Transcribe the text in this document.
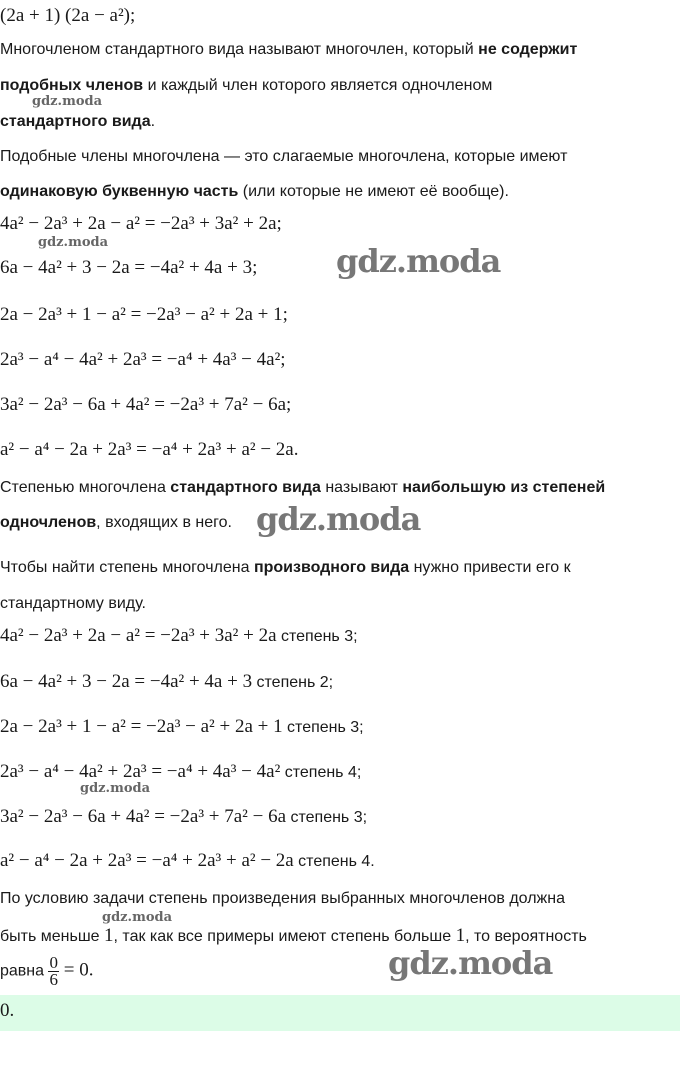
(2a + 1) (2a − a²);
Многочленом стандартного вида называют многочлен, который не содержит
подобных членов и каждый член которого является одночленом
gdz.moda
стандартного вида.
Подобные члены многочлена — это слагаемые многочлена, которые имеют
одинаковую буквенную часть (или которые не имеют её вообще).
4a² − 2a³ + 2a − a² = −2a³ + 3a² + 2a;
gdz.moda
6a − 4a² + 3 − 2a = −4a² + 4a + 3; gdz.moda
2a − 2a³ + 1 − a² = −2a³ − a² + 2a + 1;
2a³ − a⁴ − 4a² + 2a³ = −a⁴ + 4a³ − 4a²;
3a² − 2a³ − 6a + 4a² = −2a³ + 7a² − 6a;
a² − a⁴ − 2a + 2a³ = −a⁴ + 2a³ + a² − 2a.
Степенью многочлена стандартного вида называют наибольшую из степеней
одночленов, входящих в него. gdz.moda
Чтобы найти степень многочлена производного вида нужно привести его к
стандартному виду.
4a² − 2a³ + 2a − a² = −2a³ + 3a² + 2a степень 3;
6a − 4a² + 3 − 2a = −4a² + 4a + 3 степень 2;
2a − 2a³ + 1 − a² = −2a³ − a² + 2a + 1 степень 3;
2a³ − a⁴ − 4a² + 2a³ = −a⁴ + 4a³ − 4a² степень 4;
gdz.moda
3a² − 2a³ − 6a + 4a² = −2a³ + 7a² − 6a степень 3;
a² − a⁴ − 2a + 2a³ = −a⁴ + 2a³ + a² − 2a степень 4.
По условию задачи степень произведения выбранных многочленов должна
gdz.moda
быть меньше 1, так как все примеры имеют степень больше 1, то вероятность
равна $\frac{0}{6} = 0$.	gdz.moda
0.
